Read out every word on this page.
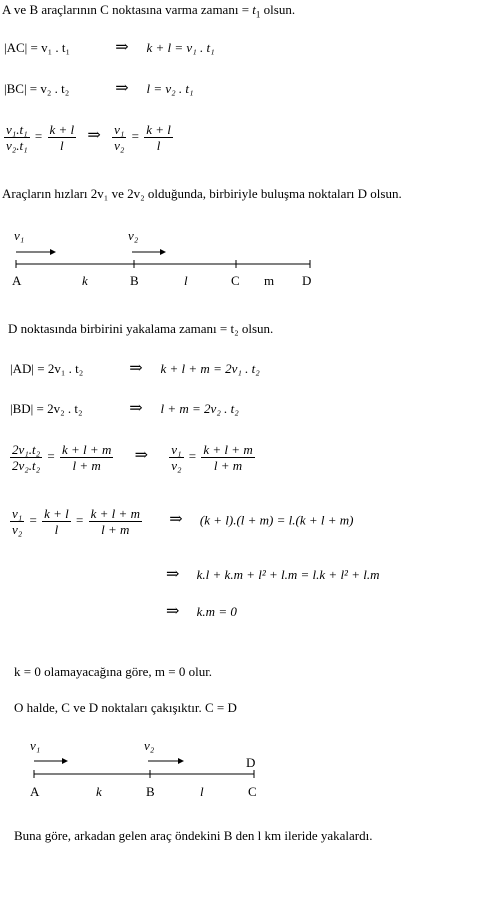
A ve B araçlarının C noktasına varma zamanı = $t_1$ olsun.
|AC| = v₁ . t₁	⇒ k + l = v₁ . t₁
|BC| = v₂ . t₂	⇒ l = v₂ . t₁
$\frac{\text{v₁.t₁}}{\text{v₂.t₁}} = \frac{k + l}{l}$ ⇒ $\frac{\text{v₁}}{\text{v₂}} = \frac{k + l}{l}$
Araçların hızları 2v₁ ve 2v₂ olduğunda, birbiriyle buluşma noktaları D olsun.
v₁	v₂
A	k	B	l	C m D
D noktasında birbirini yakalama zamanı = t₂ olsun.
|AD| = 2v₁ . t₂	⇒ k + l + m = 2v₁ . t₂
|BD| = 2v₂ . t₂	⇒ l + m = 2v₂ . t₂
$\frac{\text{2v₁.t₂}}{\text{2v₂.t₂}} = \frac{k + l + m}{l + m}$ ⇒ $\frac{\text{v₁}}{\text{v₂}} = \frac{k + l + m}{l + m}$
$\frac{\text{v₁}}{\text{v₂}} = \frac{k + l}{l} = \frac{k + l + m}{l + m}$ ⇒ (k + l).(l + m) = l.(k + l + m)
⇒ k.l + k.m + l² + l.m = l.k + l² + l.m
⇒ k.m = 0
k = 0 olamayacağına göre, m = 0 olur.
O halde, C ve D noktaları çakışıktır. C = D
v₁	v₂
D
A	k	B	l	C
Buna göre, arkadan gelen araç öndekini B den l km ileride yakalardı.
